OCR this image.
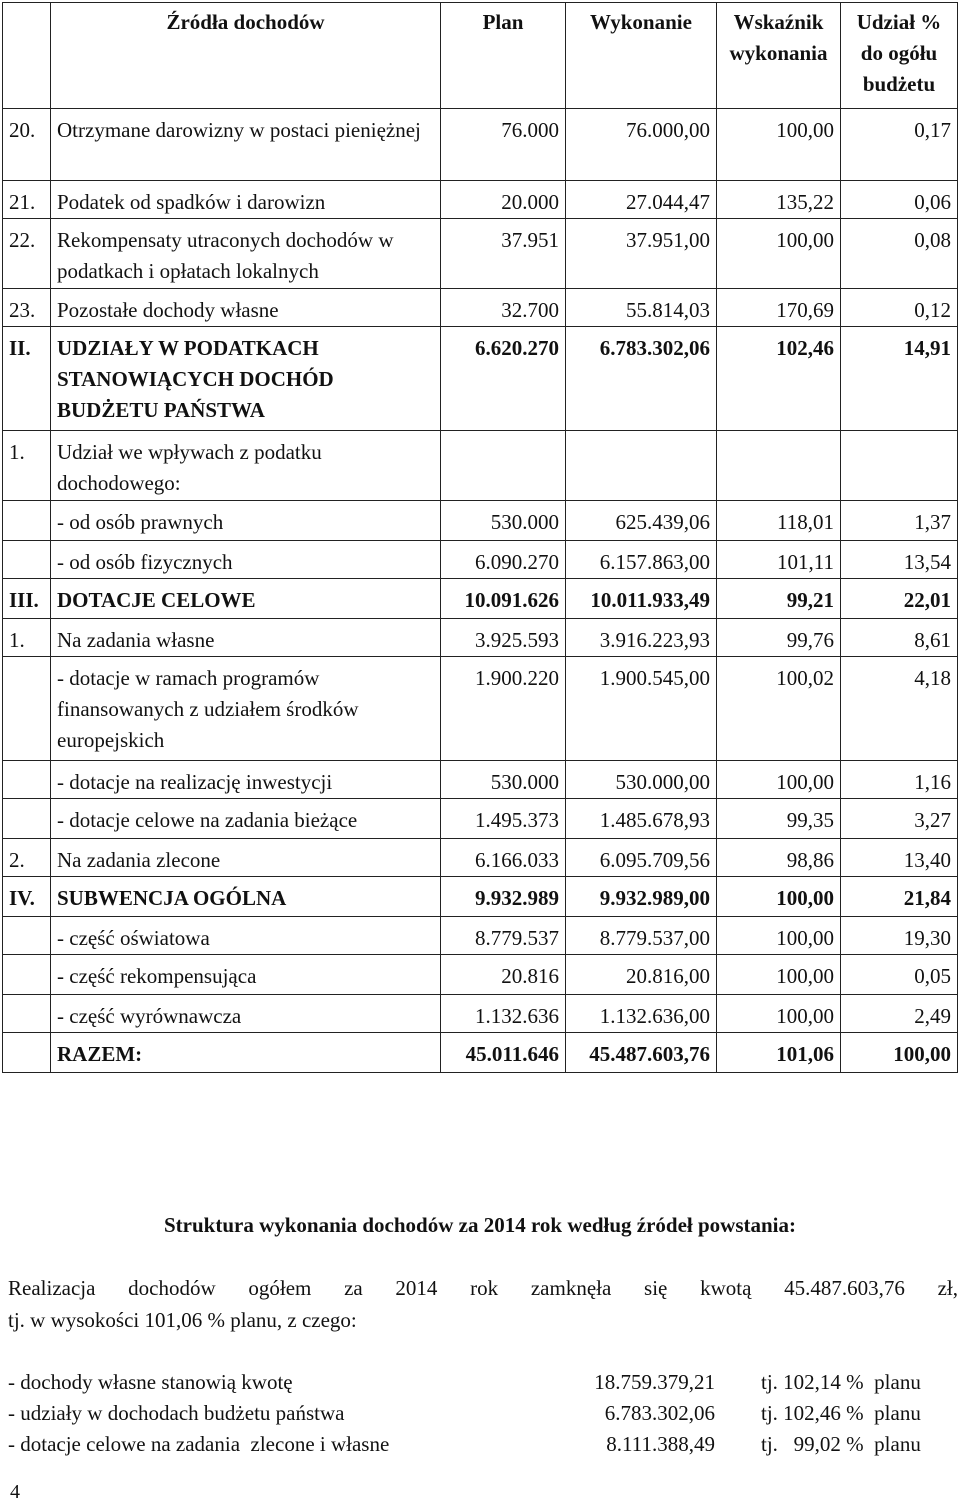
	Źródła dochodów	Plan	Wykonanie	Wskaźnik wykonania	Udział % do ogółu budżetu
20.	Otrzymane darowizny w postaci pieniężnej	76.000	76.000,00	100,00	0,17
21.	Podatek od spadków i darowizn	20.000	27.044,47	135,22	0,06
22.	Rekompensaty utraconych dochodów w podatkach i opłatach lokalnych	37.951	37.951,00	100,00	0,08
23.	Pozostałe dochody własne	32.700	55.814,03	170,69	0,12
II.	UDZIAŁY W PODATKACH STANOWIĄCYCH DOCHÓD BUDŻETU PAŃSTWA	6.620.270	6.783.302,06	102,46	14,91
1.	Udział we wpływach z podatku dochodowego:				
	- od osób prawnych	530.000	625.439,06	118,01	1,37
	- od osób fizycznych	6.090.270	6.157.863,00	101,11	13,54
III.	DOTACJE CELOWE	10.091.626	10.011.933,49	99,21	22,01
1.	Na zadania własne	3.925.593	3.916.223,93	99,76	8,61
	- dotacje w ramach programów finansowanych z udziałem środków europejskich	1.900.220	1.900.545,00	100,02	4,18
	- dotacje na realizację inwestycji	530.000	530.000,00	100,00	1,16
	- dotacje celowe na zadania bieżące	1.495.373	1.485.678,93	99,35	3,27
2.	Na zadania zlecone	6.166.033	6.095.709,56	98,86	13,40
IV.	SUBWENCJA OGÓLNA	9.932.989	9.932.989,00	100,00	21,84
	- część oświatowa	8.779.537	8.779.537,00	100,00	19,30
	- część rekompensująca	20.816	20.816,00	100,00	0,05
	- część wyrównawcza	1.132.636	1.132.636,00	100,00	2,49
	RAZEM:	45.011.646	45.487.603,76	101,06	100,00
Struktura wykonania dochodów za 2014 rok według źródeł powstania:
Realizacja dochodów ogółem za 2014 rok zamknęła się kwotą 45.487.603,76 zł,
tj. w wysokości 101,06 % planu, z czego:
- dochody własne stanowią kwotę	18.759.379,21 tj. 102,14 %  planu
- udziały w dochodach budżetu państwa	6.783.302,06 tj. 102,46 %  planu
- dotacje celowe na zadania  zlecone i własne	8.111.388,49 tj.   99,02 %  planu
4
